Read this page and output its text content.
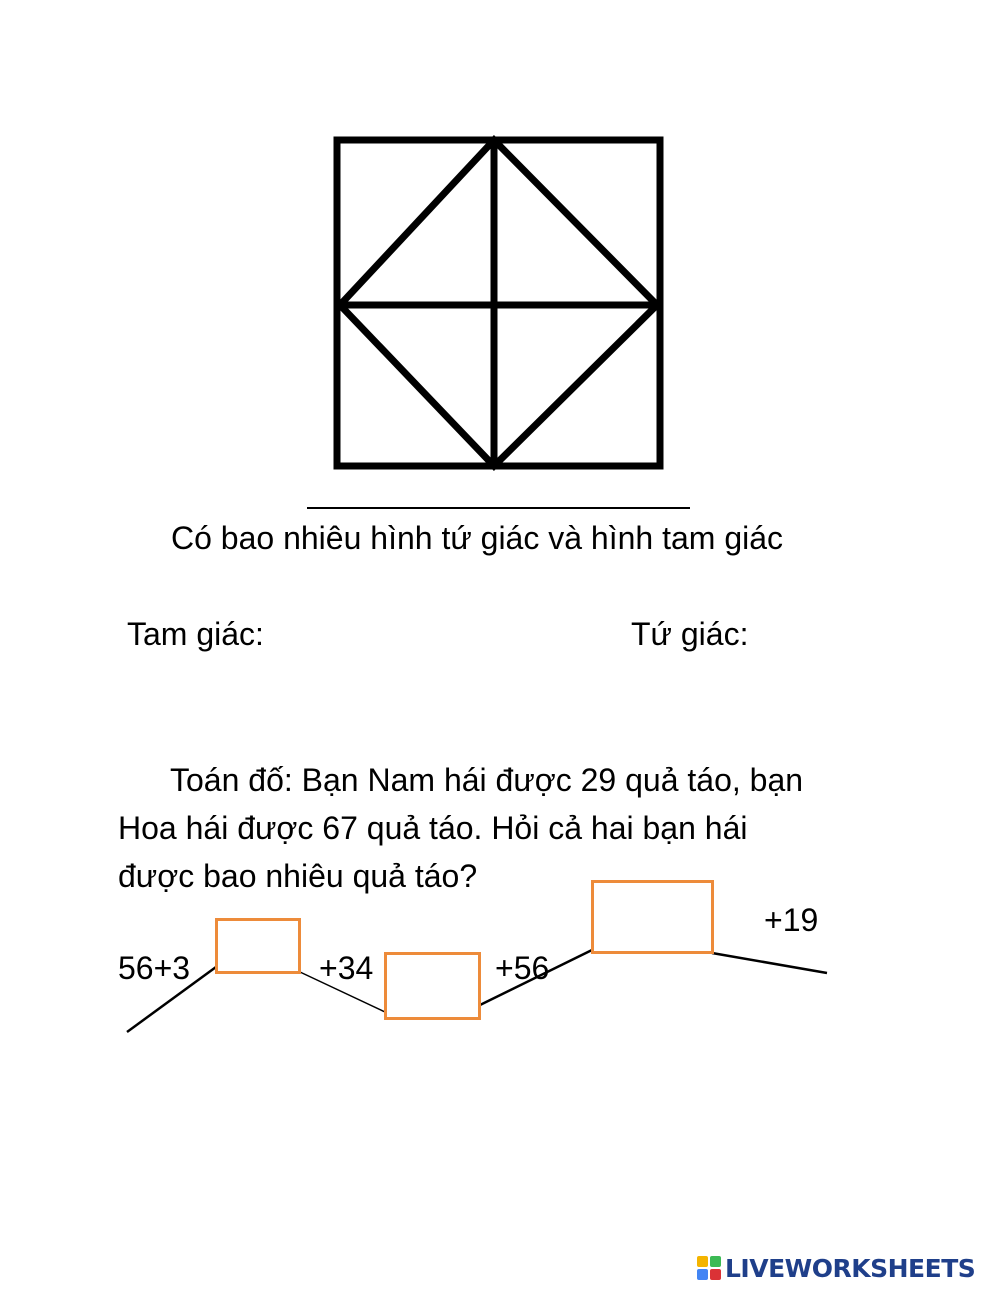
Có bao nhiêu hình tứ giác và hình tam giác
Tam giác:	Tứ giác:
Toán đố: Bạn Nam hái được 29 quả táo, bạn
Hoa hái được 67 quả táo. Hỏi cả hai bạn hái
được bao nhiêu quả táo?
56+3	+34	+56
+19
LIVEWORKSHEETS
